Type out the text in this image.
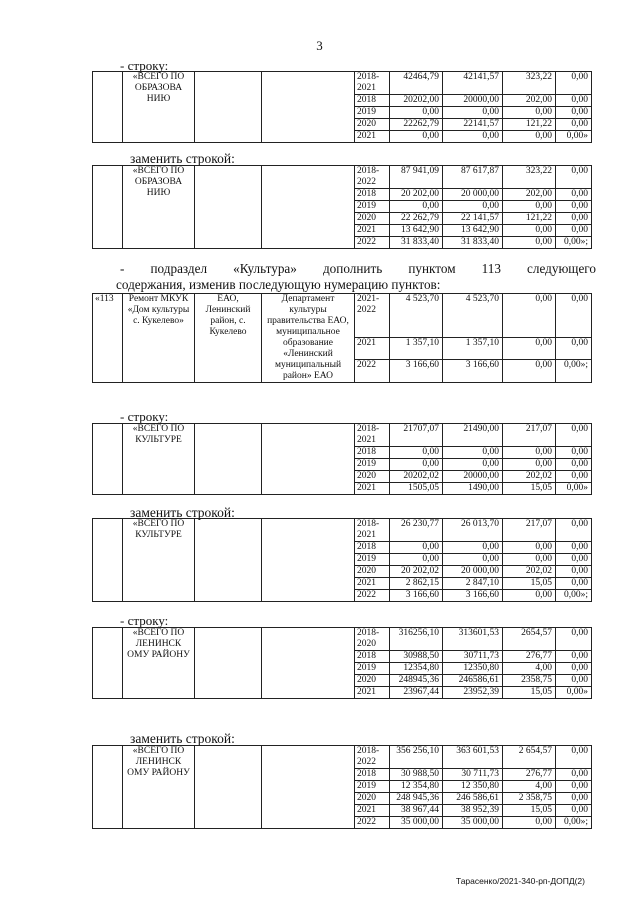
3
- строку:
	«ВСЕГО ПО ОБРАЗОВА НИЮ			2018-2021	42464,79	42141,57	323,22	0,00
				2018	20202,00	20000,00	202,00	0,00
				2019	0,00	0,00	0,00	0,00
				2020	22262,79	22141,57	121,22	0,00
				2021	0,00	0,00	0,00	0,00»
заменить строкой:
	«ВСЕГО ПО ОБРАЗОВА НИЮ			2018-2022	87 941,09	87 617,87	323,22	0,00
				2018	20 202,00	20 000,00	202,00	0,00
				2019	0,00	0,00	0,00	0,00
				2020	22 262,79	22 141,57	121,22	0,00
				2021	13 642,90	13 642,90	0,00	0,00
				2022	31 833,40	31 833,40	0,00	0,00»;
- подраздел «Культура» дополнить пунктом 113 следующего
содержания, изменив последующую нумерацию пунктов:
«113	Ремонт МКУК «Дом культуры с. Кукелево»	ЕАО, Ленинский район, с. Кукелево	Департамент культуры правительства ЕАО, муниципальное образование «Ленинский муниципальный район» ЕАО	2021-2022	4 523,70	4 523,70	0,00	0,00
				2021	1 357,10	1 357,10	0,00	0,00
				2022	3 166,60	3 166,60	0,00	0,00»;
- строку:
	«ВСЕГО ПО КУЛЬТУРЕ			2018-2021	21707,07	21490,00	217,07	0,00
				2018	0,00	0,00	0,00	0,00
				2019	0,00	0,00	0,00	0,00
				2020	20202,02	20000,00	202,02	0,00
				2021	1505,05	1490,00	15,05	0,00»
заменить строкой:
	«ВСЕГО ПО КУЛЬТУРЕ			2018-2021	26 230,77	26 013,70	217,07	0,00
				2018	0,00	0,00	0,00	0,00
				2019	0,00	0,00	0,00	0,00
				2020	20 202,02	20 000,00	202,02	0,00
				2021	2 862,15	2 847,10	15,05	0,00
				2022	3 166,60	3 166,60	0,00	0,00»;
- строку:
	«ВСЕГО ПО ЛЕНИНСК ОМУ РАЙОНУ			2018-2020	316256,10	313601,53	2654,57	0,00
				2018	30988,50	30711,73	276,77	0,00
				2019	12354,80	12350,80	4,00	0,00
				2020	248945,36	246586,61	2358,75	0,00
				2021	23967,44	23952,39	15,05	0,00»
заменить строкой:
	«ВСЕГО ПО ЛЕНИНСК ОМУ РАЙОНУ			2018-2022	356 256,10	363 601,53	2 654,57	0,00
				2018	30 988,50	30 711,73	276,77	0,00
				2019	12 354,80	12 350,80	4,00	0,00
				2020	248 945,36	246 586,61	2 358,75	0,00
				2021	38 967,44	38 952,39	15,05	0,00
				2022	35 000,00	35 000,00	0,00	0,00»;
Тарасенко/2021-340-рп-ДОПД(2)
